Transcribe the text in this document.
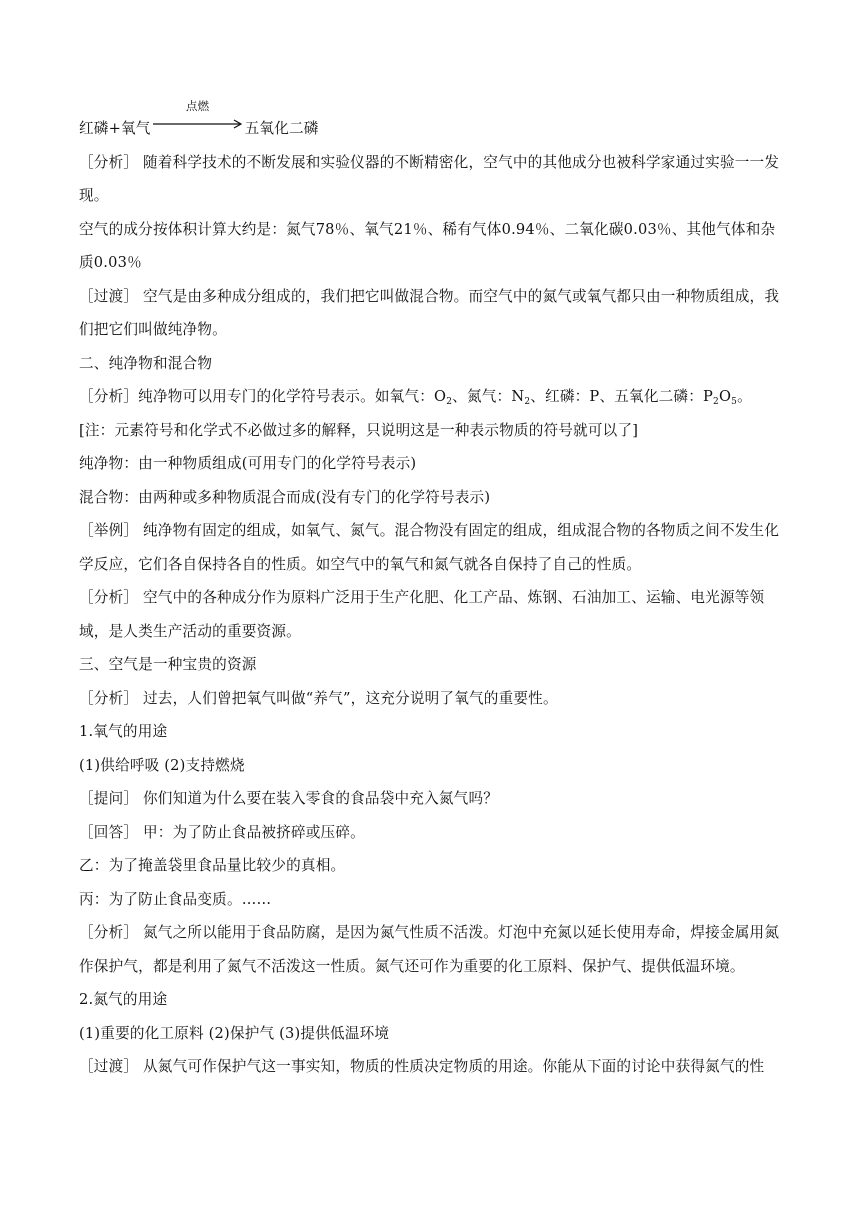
红磷+氧气
点燃
五氧化二磷

［分析］ 随着科学技术的不断发展和实验仪器的不断精密化，空气中的其他成分也被科学家通过实验一一发现。

空气的成分按体积计算大约是：氮气78％、氧气21％、稀有气体0.94％、二氧化碳0.03％、其他气体和杂质0.03％

［过渡］ 空气是由多种成分组成的，我们把它叫做混合物。而空气中的氮气或氧气都只由一种物质组成，我们把它们叫做纯净物。

二、纯净物和混合物

［分析］纯净物可以用专门的化学符号表示。如氧气：$O_2$、氮气：$N_2$、红磷：P、五氧化二磷：$P_2O_5$。

[注：元素符号和化学式不必做过多的解释，只说明这是一种表示物质的符号就可以了]

纯净物：由一种物质组成(可用专门的化学符号表示)

混合物：由两种或多种物质混合而成(没有专门的化学符号表示)

［举例］ 纯净物有固定的组成，如氧气、氮气。混合物没有固定的组成，组成混合物的各物质之间不发生化学反应，它们各自保持各自的性质。如空气中的氧气和氮气就各自保持了自己的性质。

［分析］ 空气中的各种成分作为原料广泛用于生产化肥、化工产品、炼钢、石油加工、运输、电光源等领域，是人类生产活动的重要资源。

三、空气是一种宝贵的资源

［分析］ 过去，人们曾把氧气叫做“养气”，这充分说明了氧气的重要性。

1.氧气的用途

(1)供给呼吸 (2)支持燃烧

［提问］ 你们知道为什么要在装入零食的食品袋中充入氮气吗？

［回答］ 甲：为了防止食品被挤碎或压碎。

乙：为了掩盖袋里食品量比较少的真相。

丙：为了防止食品变质。……

［分析］ 氮气之所以能用于食品防腐，是因为氮气性质不活泼。灯泡中充氮以延长使用寿命，焊接金属用氮作保护气，都是利用了氮气不活泼这一性质。氮气还可作为重要的化工原料、保护气、提供低温环境。

2.氮气的用途

(1)重要的化工原料 (2)保护气 (3)提供低温环境

［过渡］ 从氮气可作保护气这一事实知，物质的性质决定物质的用途。你能从下面的讨论中获得氮气的性
